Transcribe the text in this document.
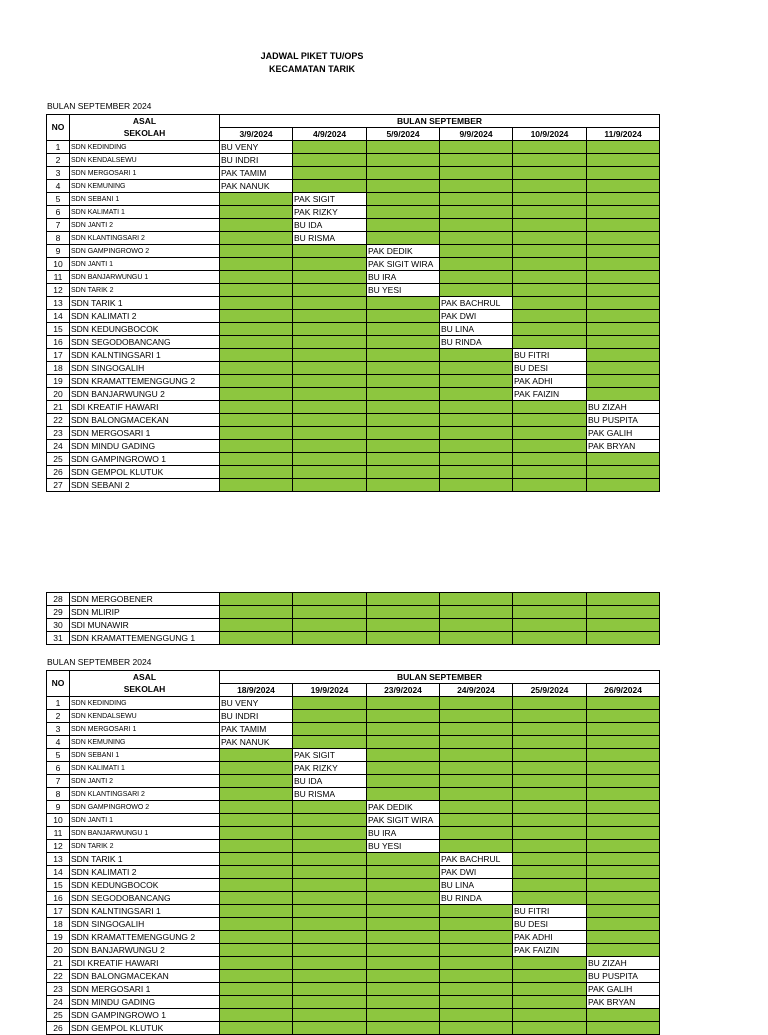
JADWAL PIKET TU/OPS
KECAMATAN TARIK
BULAN SEPTEMBER 2024
NO	ASAL	BULAN SEPTEMBER					
	SEKOLAH	3/9/2024	4/9/2024	5/9/2024	9/9/2024	10/9/2024	11/9/2024
1	SDN KEDINDING	BU VENY					
2	SDN KENDALSEWU	BU INDRI					
3	SDN MERGOSARI 1	PAK TAMIM					
4	SDN KEMUNING	PAK NANUK					
5	SDN SEBANI 1		PAK SIGIT				
6	SDN KALIMATI 1		PAK RIZKY				
7	SDN JANTI 2		BU IDA				
8	SDN KLANTINGSARI 2		BU RISMA				
9	SDN GAMPINGROWO 2			PAK DEDIK			
10	SDN JANTI 1			PAK SIGIT WIRA			
11	SDN BANJARWUNGU 1			BU IRA			
12	SDN TARIK 2			BU YESI			
13	SDN TARIK 1				PAK BACHRUL		
14	SDN KALIMATI 2				PAK DWI		
15	SDN KEDUNGBOCOK				BU LINA		
16	SDN SEGODOBANCANG				BU RINDA		
17	SDN KALNTINGSARI 1					BU FITRI	
18	SDN SINGOGALIH					BU DESI	
19	SDN KRAMATTEMENGGUNG 2					PAK ADHI	
20	SDN BANJARWUNGU 2					PAK FAIZIN	
21	SDI KREATIF HAWARI						BU ZIZAH
22	SDN BALONGMACEKAN						BU PUSPITA
23	SDN MERGOSARI 1						PAK GALIH
24	SDN MINDU GADING						PAK BRYAN
25	SDN GAMPINGROWO 1						
26	SDN GEMPOL KLUTUK						
27	SDN SEBANI 2						
28	SDN MERGOBENER						
29	SDN MLIRIP						
30	SDI MUNAWIR						
31	SDN KRAMATTEMENGGUNG 1						
BULAN SEPTEMBER 2024
NO	ASAL	BULAN SEPTEMBER					
	SEKOLAH	18/9/2024	19/9/2024	23/9/2024	24/9/2024	25/9/2024	26/9/2024
1	SDN KEDINDING	BU VENY					
2	SDN KENDALSEWU	BU INDRI					
3	SDN MERGOSARI 1	PAK TAMIM					
4	SDN KEMUNING	PAK NANUK					
5	SDN SEBANI 1		PAK SIGIT				
6	SDN KALIMATI 1		PAK RIZKY				
7	SDN JANTI 2		BU IDA				
8	SDN KLANTINGSARI 2		BU RISMA				
9	SDN GAMPINGROWO 2			PAK DEDIK			
10	SDN JANTI 1			PAK SIGIT WIRA			
11	SDN BANJARWUNGU 1			BU IRA			
12	SDN TARIK 2			BU YESI			
13	SDN TARIK 1				PAK BACHRUL		
14	SDN KALIMATI 2				PAK DWI		
15	SDN KEDUNGBOCOK				BU LINA		
16	SDN SEGODOBANCANG				BU RINDA		
17	SDN KALNTINGSARI 1					BU FITRI	
18	SDN SINGOGALIH					BU DESI	
19	SDN KRAMATTEMENGGUNG 2					PAK ADHI	
20	SDN BANJARWUNGU 2					PAK FAIZIN	
21	SDI KREATIF HAWARI						BU ZIZAH
22	SDN BALONGMACEKAN						BU PUSPITA
23	SDN MERGOSARI 1						PAK GALIH
24	SDN MINDU GADING						PAK BRYAN
25	SDN GAMPINGROWO 1						
26	SDN GEMPOL KLUTUK						
